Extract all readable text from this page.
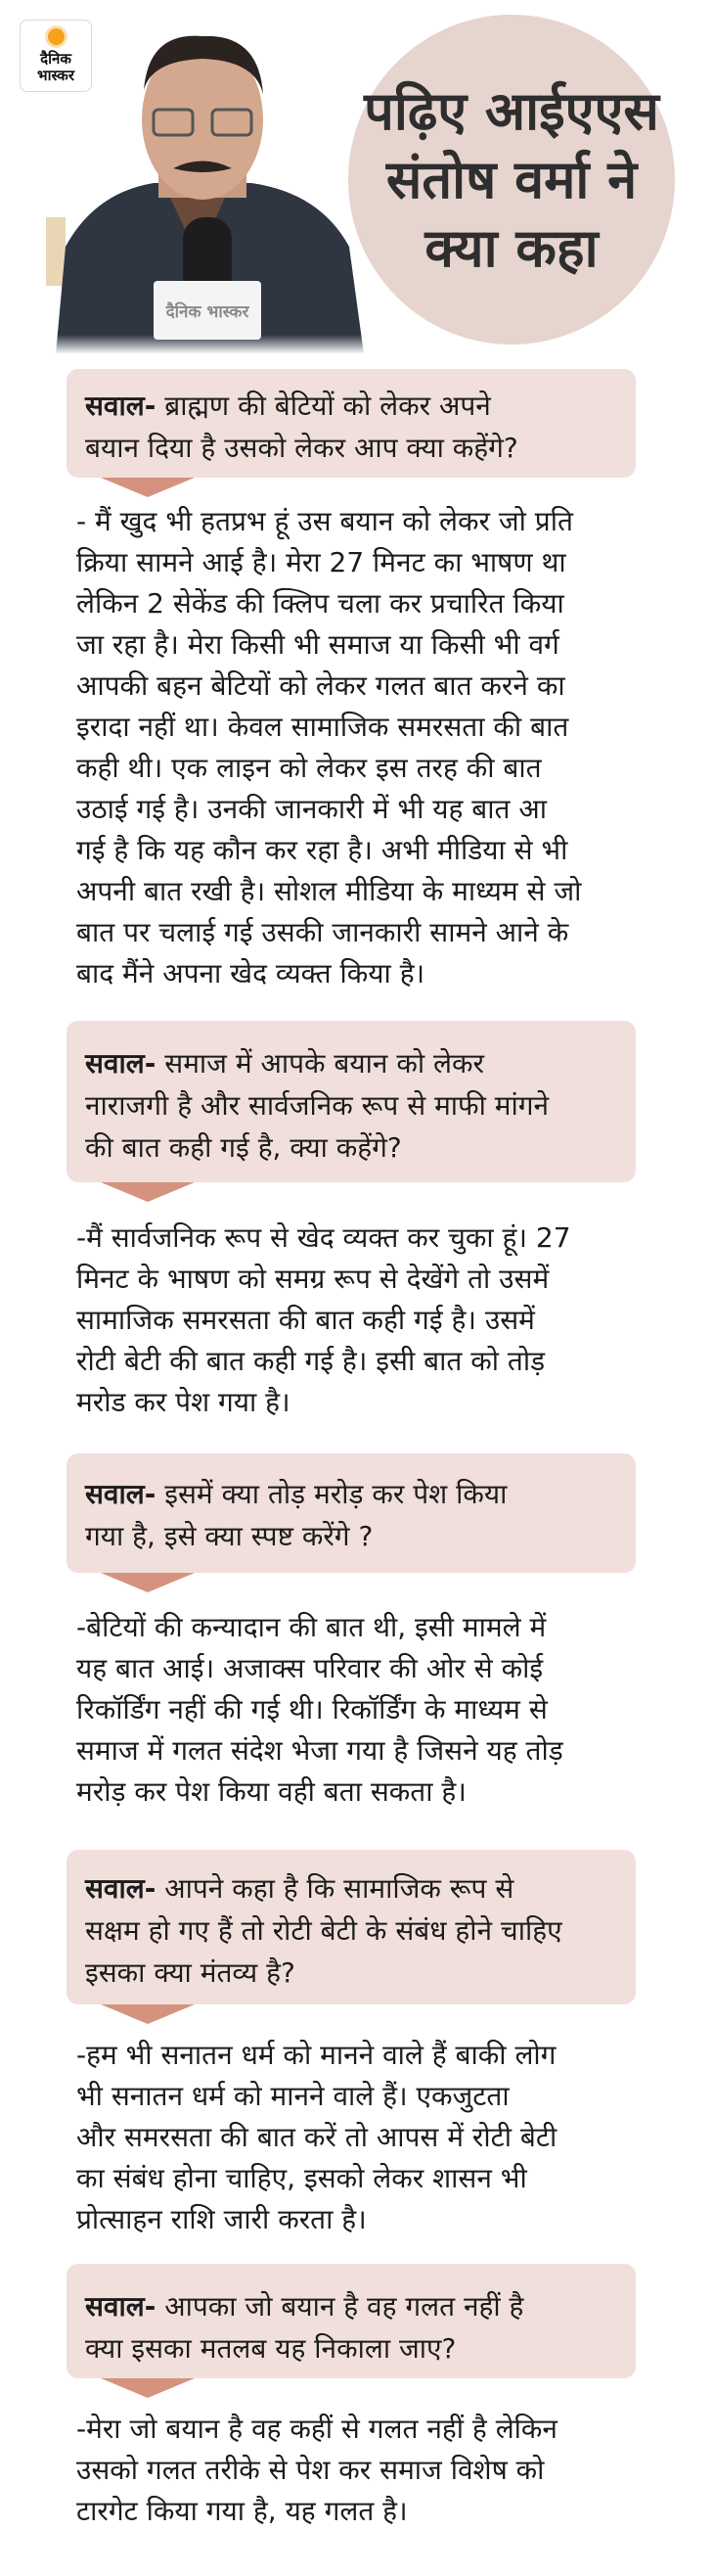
दैनिक भास्कर
दैनिक
भास्कर
पढ़िए आईएएस
संतोष वर्मा ने
क्या कहा
सवाल- ब्राह्मण की बेटियों को लेकर अपने
बयान दिया है उसको लेकर आप क्या कहेंगे?
- मैं खुद भी हतप्रभ हूं उस बयान को लेकर जो प्रति
क्रिया सामने आई है। मेरा 27 मिनट का भाषण था
लेकिन 2 सेकेंड की क्लिप चला कर प्रचारित किया
जा रहा है। मेरा किसी भी समाज या किसी भी वर्ग
आपकी बहन बेटियों को लेकर गलत बात करने का
इरादा नहीं था। केवल सामाजिक समरसता की बात
कही थी। एक लाइन को लेकर इस तरह की बात
उठाई गई है। उनकी जानकारी में भी यह बात आ
गई है कि यह कौन कर रहा है। अभी मीडिया से भी
अपनी बात रखी है। सोशल मीडिया के माध्यम से जो
बात पर चलाई गई उसकी जानकारी सामने आने के
बाद मैंने अपना खेद व्यक्त किया है।
सवाल- समाज में आपके बयान को लेकर
नाराजगी है और सार्वजनिक रूप से माफी मांगने
की बात कही गई है, क्या कहेंगे?
-मैं सार्वजनिक रूप से खेद व्यक्त कर चुका हूं। 27
मिनट के भाषण को समग्र रूप से देखेंगे तो उसमें
सामाजिक समरसता की बात कही गई है। उसमें
रोटी बेटी की बात कही गई है। इसी बात को तोड़
मरोड कर पेश गया है।
सवाल- इसमें क्या तोड़ मरोड़ कर पेश किया
गया है, इसे क्या स्पष्ट करेंगे ?
-बेटियों की कन्यादान की बात थी, इसी मामले में
यह बात आई। अजाक्स परिवार की ओर से कोई
रिकॉर्डिंग नहीं की गई थी। रिकॉर्डिंग के माध्यम से
समाज में गलत संदेश भेजा गया है जिसने यह तोड़
मरोड़ कर पेश किया वही बता सकता है।
सवाल- आपने कहा है कि सामाजिक रूप से
सक्षम हो गए हैं तो रोटी बेटी के संबंध होने चाहिए
इसका क्या मंतव्य है?
-हम भी सनातन धर्म को मानने वाले हैं बाकी लोग
भी सनातन धर्म को मानने वाले हैं। एकजुटता
और समरसता की बात करें तो आपस में रोटी बेटी
का संबंध होना चाहिए, इसको लेकर शासन भी
प्रोत्साहन राशि जारी करता है।
सवाल- आपका जो बयान है वह गलत नहीं है
क्या इसका मतलब यह निकाला जाए?
-मेरा जो बयान है वह कहीं से गलत नहीं है लेकिन
उसको गलत तरीके से पेश कर समाज विशेष को
टारगेट किया गया है, यह गलत है।
